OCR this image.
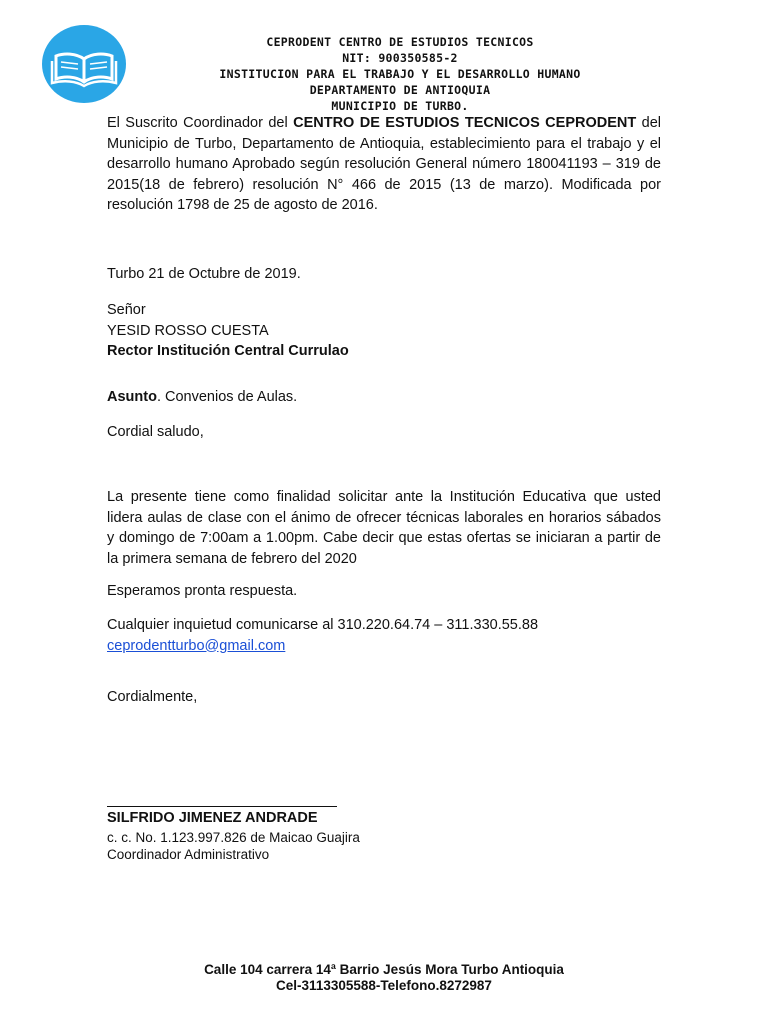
CEPRODENT CENTRO DE ESTUDIOS TECNICOS
NIT: 900350585-2
INSTITUCION PARA EL TRABAJO Y EL DESARROLLO HUMANO
DEPARTAMENTO DE ANTIOQUIA
MUNICIPIO DE TURBO.
El Suscrito Coordinador del CENTRO DE ESTUDIOS TECNICOS CEPRODENT del Municipio de Turbo, Departamento de Antioquia, establecimiento para el trabajo y el desarrollo humano Aprobado según resolución General número 180041193 – 319 de 2015(18 de febrero) resolución N° 466 de 2015 (13 de marzo). Modificada por resolución 1798 de 25 de agosto de 2016.
Turbo 21 de Octubre de 2019.
Señor
YESID ROSSO CUESTA
Rector Institución Central Currulao
Asunto. Convenios de Aulas.
Cordial saludo,
La presente tiene como finalidad solicitar ante la Institución Educativa que usted lidera aulas de clase con el ánimo de ofrecer técnicas laborales en horarios sábados y domingo de 7:00am a 1.00pm. Cabe decir que estas ofertas se iniciaran a partir de la primera semana de febrero del 2020
Esperamos pronta respuesta.
Cualquier inquietud comunicarse al 310.220.64.74 – 311.330.55.88
ceprodentturbo@gmail.com
Cordialmente,
SILFRIDO JIMENEZ ANDRADE
c. c. No. 1.123.997.826 de Maicao Guajira
Coordinador Administrativo
Calle 104 carrera 14ª Barrio Jesús Mora Turbo Antioquia
Cel-3113305588-Telefono.8272987
